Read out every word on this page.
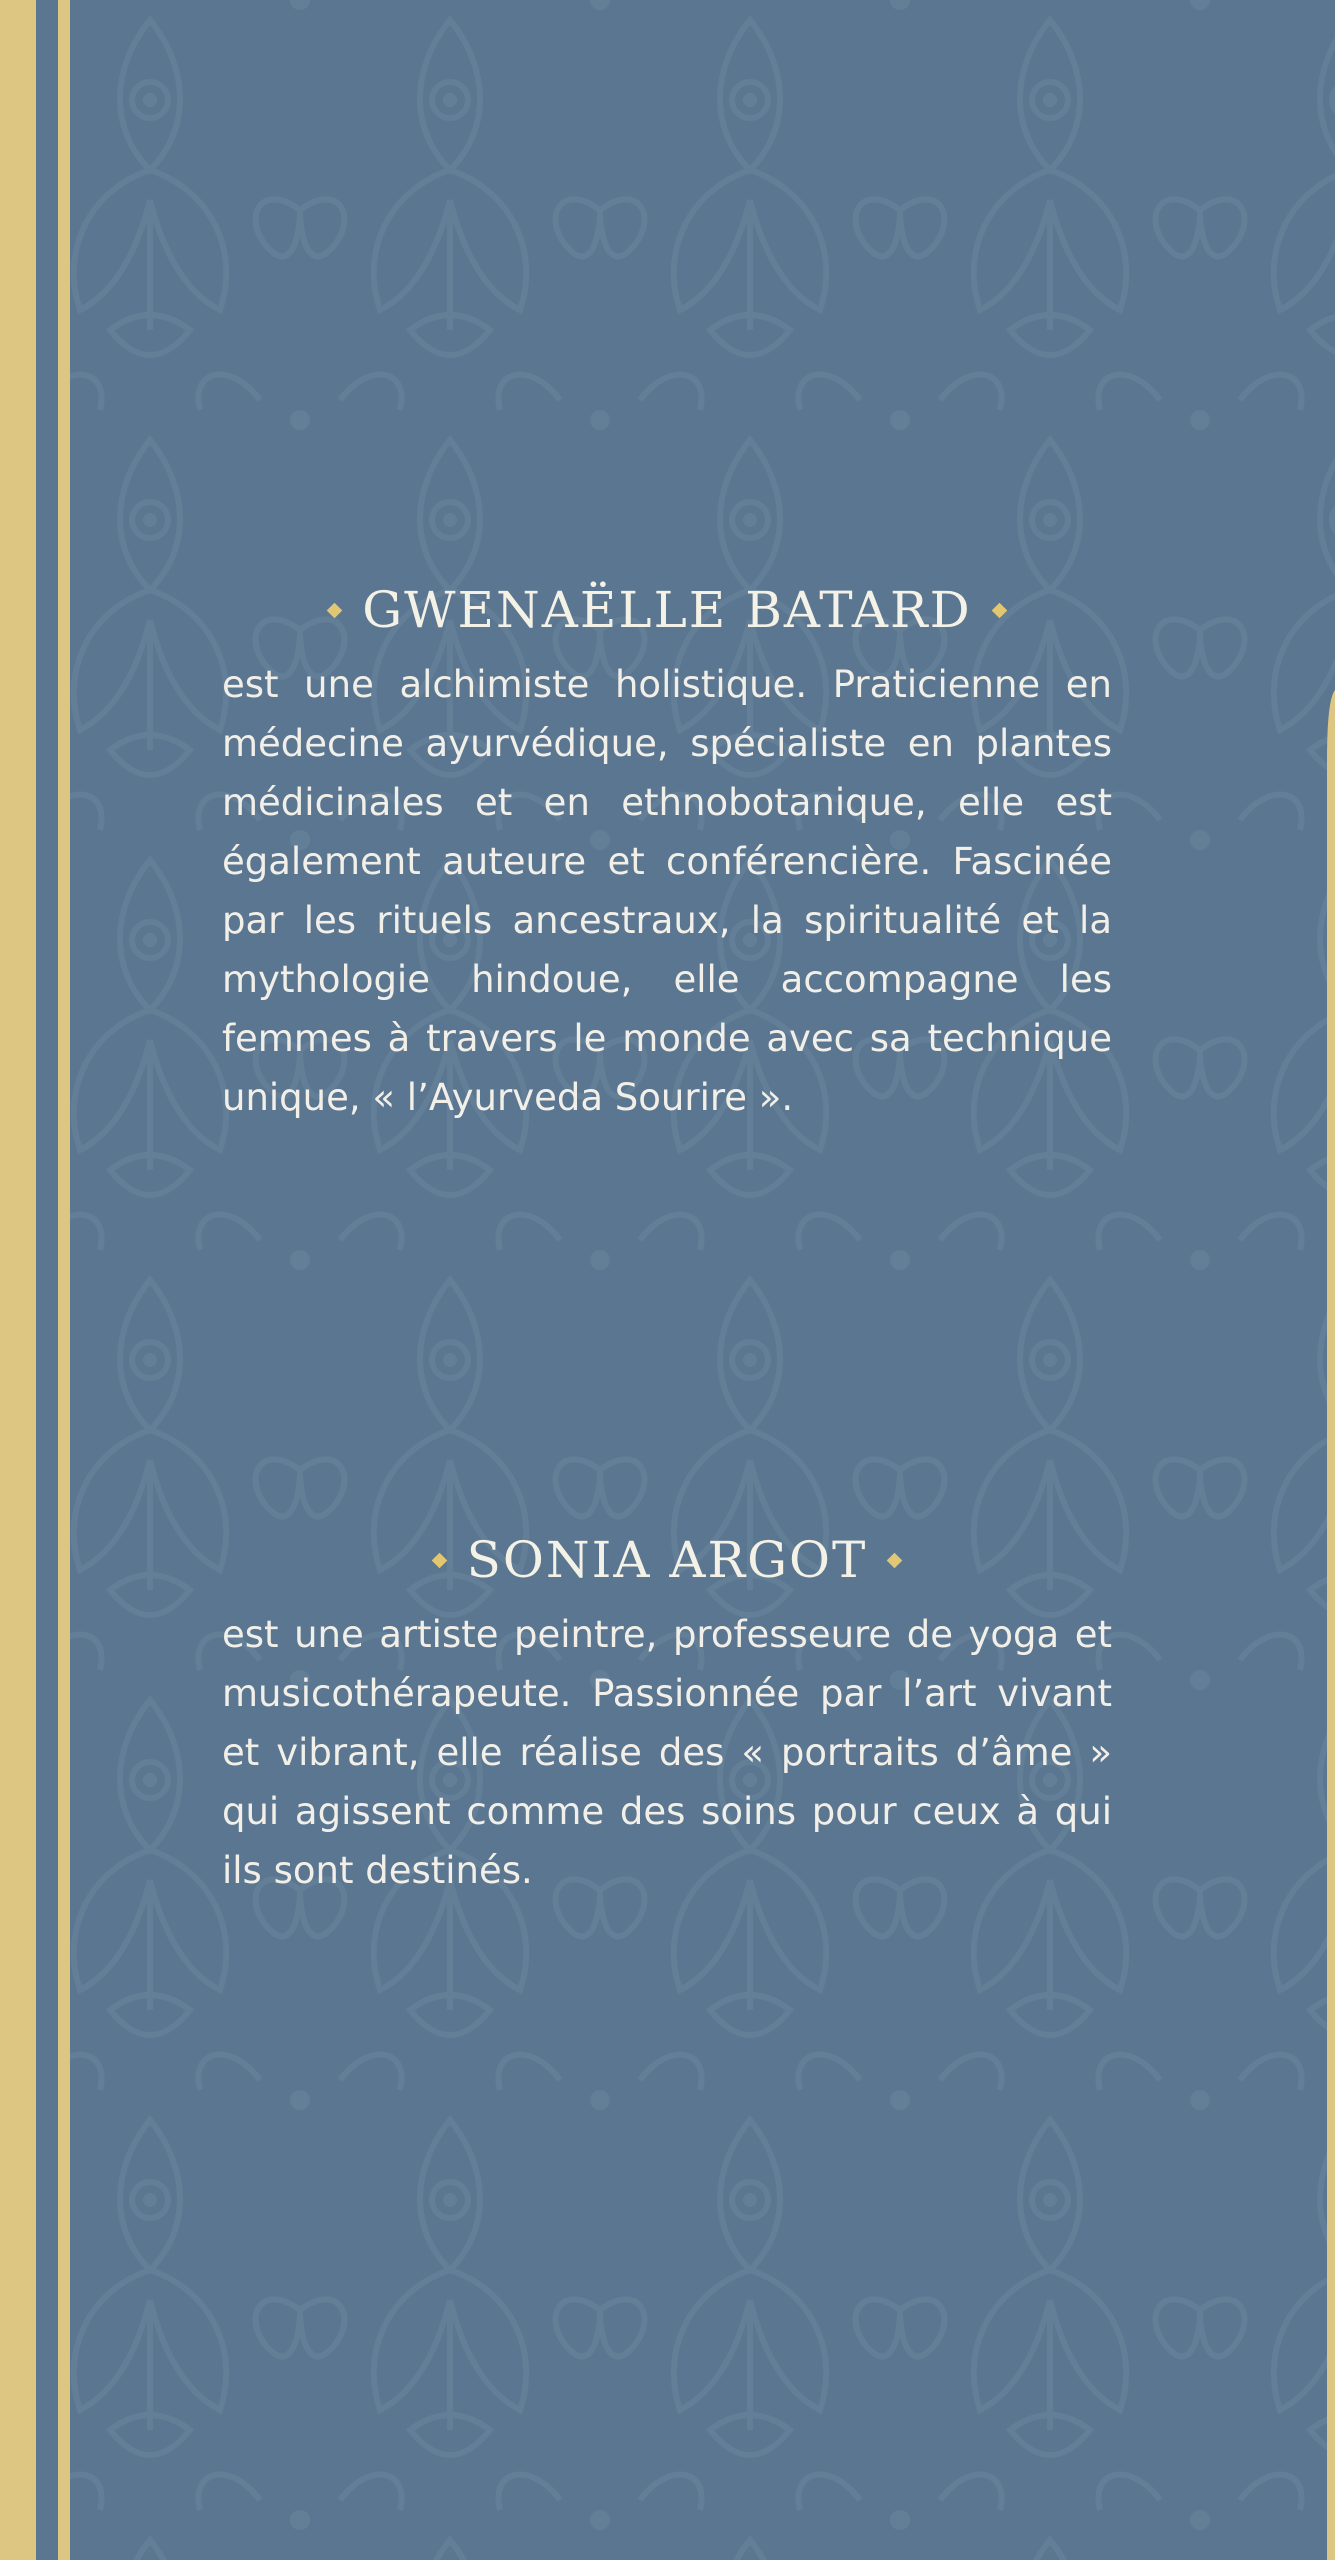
GWENAËLLE BATARD

est une alchimiste holistique. Praticienne en médecine ayurvédique, spécialiste en plantes médicinales et en ethnobotanique, elle est également auteure et conférencière. Fascinée par les rituels ancestraux, la spiritualité et la mythologie hindoue, elle accompagne les femmes à travers le monde avec sa technique unique, « l’Ayurveda Sourire ».

SONIA ARGOT

est une artiste peintre, professeure de yoga et musicothérapeute. Passionnée par l’art vivant et vibrant, elle réalise des « portraits d’âme » qui agissent comme des soins pour ceux à qui ils sont destinés.
